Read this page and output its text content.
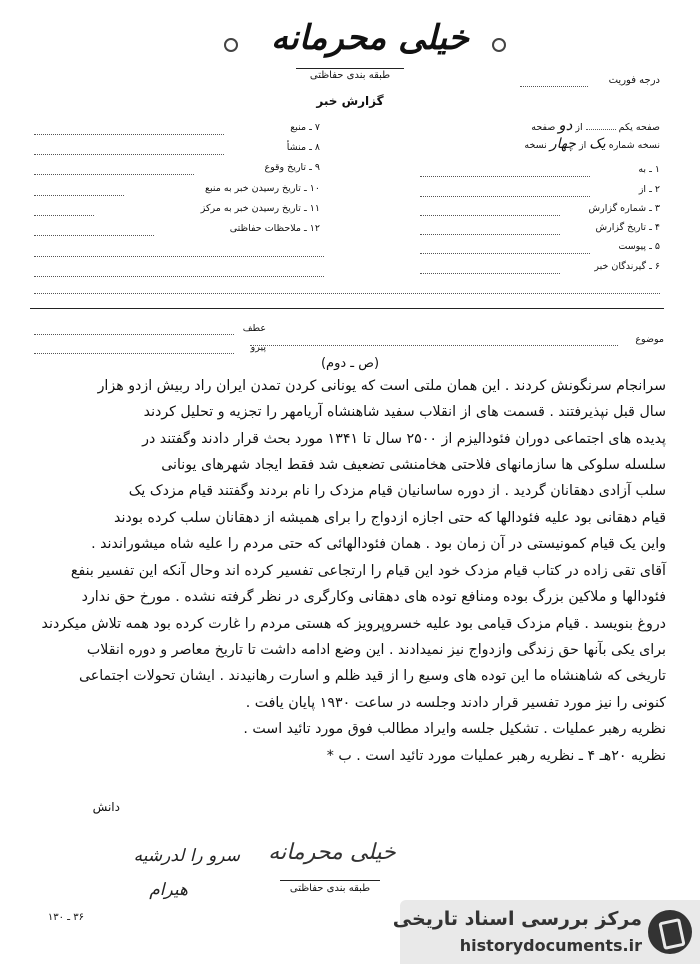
خیلی محرمانه
طبقه بندی حفاظتی	درجه فوریت
گزارش خبر
صفحه یکم  از دو صفحه
نسخه شماره یک از چهار نسخه
۱ ـ به
۲ ـ از
۳ ـ شماره گزارش
۴ ـ تاریخ گزارش
۵ ـ پیوست
۶ ـ گیرندگان خبر
۷ ـ منبع
۸ ـ منشأ
۹ ـ تاریخ وقوع
۱۰ ـ تاریخ رسیدن خبر به منبع
۱۱ ـ تاریخ رسیدن خبر به مرکز
۱۲ ـ ملاحظات حفاظتی
موضوع
عطف
پیرو
(ص ـ دوم)
سرانجام سرنگونش کردند . این همان ملتی است که یونانی کردن تمدن ایران راد ربیش ازدو هزار
سال قبل نپذیرفتند . قسمت های از انقلاب سفید شاهنشاه آریامهر را تجزیه و تحلیل کردند
پدیده های اجتماعی دوران فئودالیزم از ۲۵۰۰ سال تا ۱۳۴۱ مورد بحث قرار دادند وگفتند در
سلسله سلوکی ها سازمانهای فلاحتی هخامنشی تضعیف شد فقط ایجاد شهرهای یونانی
سلب آزادی دهقانان گردید . از دوره ساسانیان قیام مزدک را نام بردند وگفتند قیام مزدک یک
قیام دهقانی بود علیه فئودالها که حتی اجازه ازدواج را برای همیشه از دهقانان سلب کرده بودند
واین یک قیام کمونیستی در آن زمان بود . همان فئودالهائی که حتی مردم را علیه شاه میشوراندند .
آقای تقی زاده در کتاب قیام مزدک خود این قیام را ارتجاعی تفسیر کرده اند وحال آنکه این تفسیر بنفع
فئودالها و ملاکین بزرگ بوده ومنافع توده های دهقانی وکارگری در نظر گرفته نشده . مورخ حق ندارد
دروغ بنویسد . قیام مزدک قیامی بود علیه خسروپرویز که هستی مردم را غارت کرده بود همه تلاش میکردند
برای یکی بآنها حق زندگی وازدواج نیز نمیدادند . این وضع ادامه داشت تا تاریخ معاصر و دوره انقلاب
تاریخی که شاهنشاه ما این توده های وسیع را از قید ظلم و اسارت رهانیدند . ایشان تحولات اجتماعی
کنونی را نیز مورد تفسیر قرار دادند وجلسه در ساعت ۱۹۳۰ پایان یافت .
نظریه رهبر عملیات . تشکیل جلسه وایراد مطالب فوق مورد تائید است .
نظریه ۲۰هـ ۴ ـ نظریه رهبر عملیات مورد تائید است . ب *
دانش
سرو را لدرشیه
هیرام
خیلی محرمانه
طبقه بندی حفاظتی
۳۶ ـ ۱۳۰	مرکز بررسی اسناد تاریخی
historydocuments.ir
